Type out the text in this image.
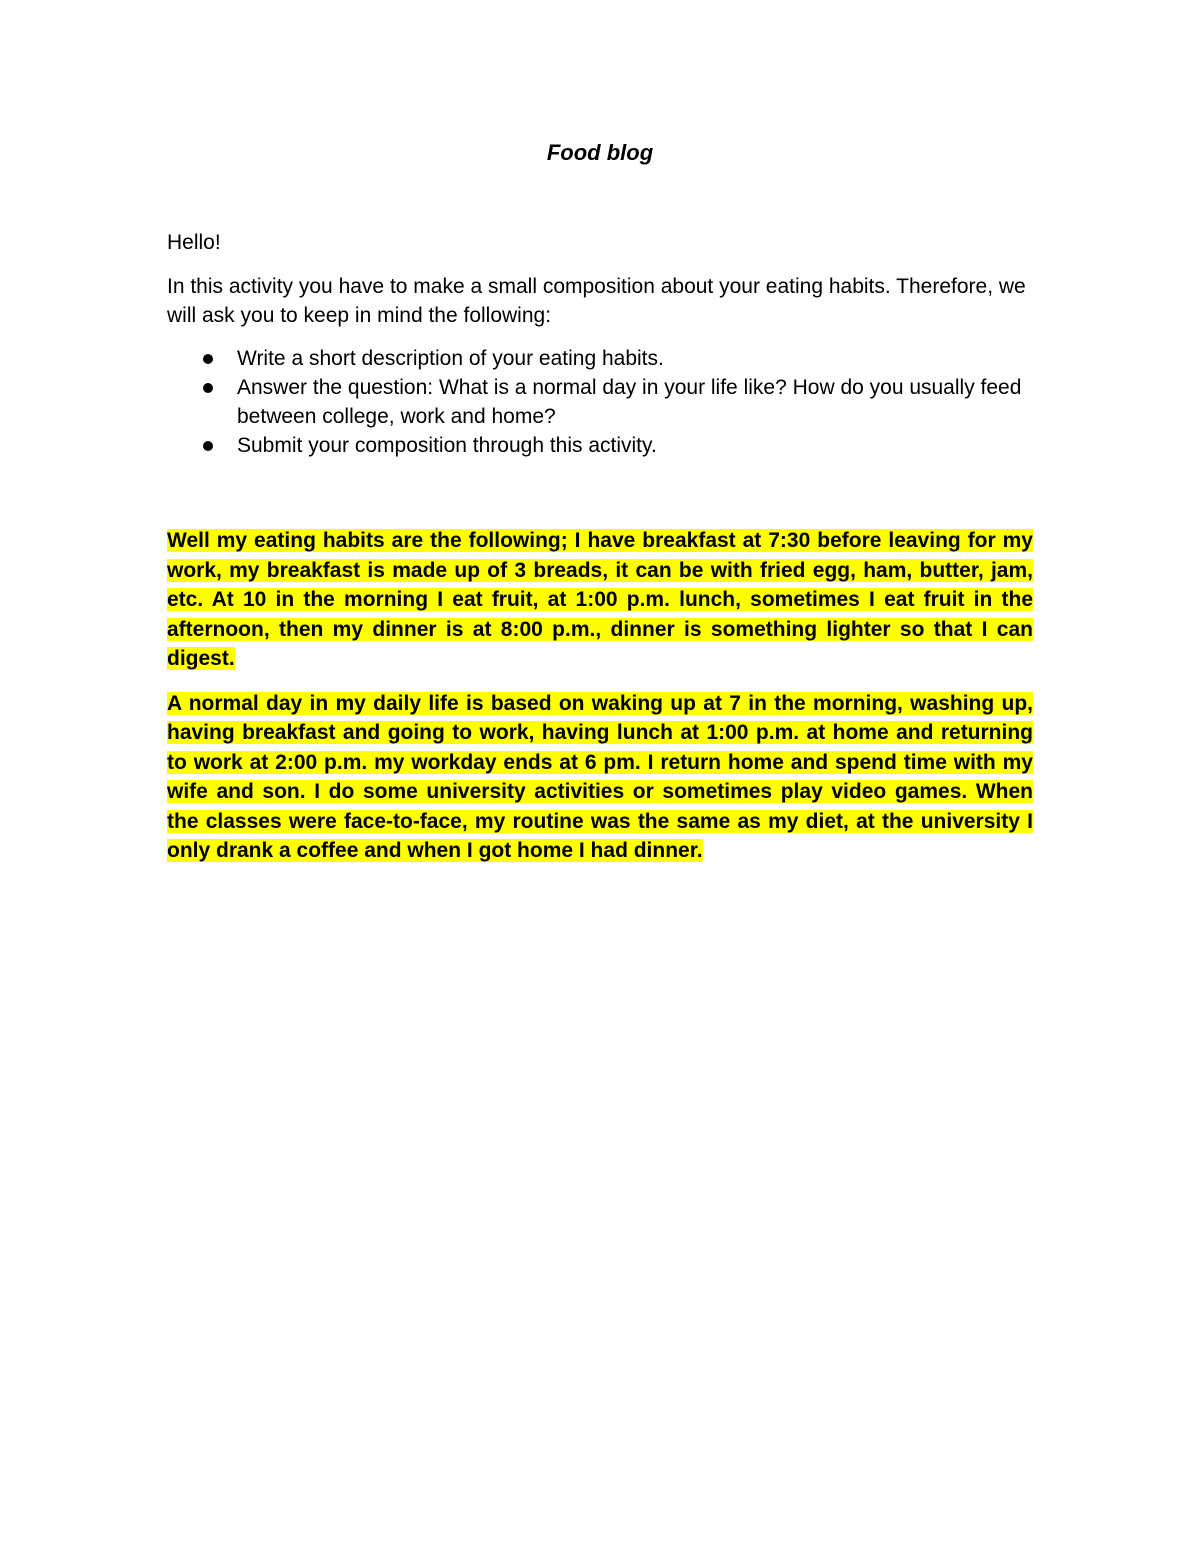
Food blog

Hello!

In this activity you have to make a small composition about your eating habits. Therefore, we will ask you to keep in mind the following:

Write a short description of your eating habits.
Answer the question: What is a normal day in your life like? How do you usually feed between college, work and home?
Submit your composition through this activity.

Well my eating habits are the following; I have breakfast at 7:30 before leaving for my work, my breakfast is made up of 3 breads, it can be with fried egg, ham, butter, jam, etc. At 10 in the morning I eat fruit, at 1:00 p.m. lunch, sometimes I eat fruit in the afternoon, then my dinner is at 8:00 p.m., dinner is something lighter so that I can digest.

A normal day in my daily life is based on waking up at 7 in the morning, washing up, having breakfast and going to work, having lunch at 1:00 p.m. at home and returning to work at 2:00 p.m. my workday ends at 6 pm. I return home and spend time with my wife and son. I do some university activities or sometimes play video games. When the classes were face-to-face, my routine was the same as my diet, at the university I only drank a coffee and when I got home I had dinner.
